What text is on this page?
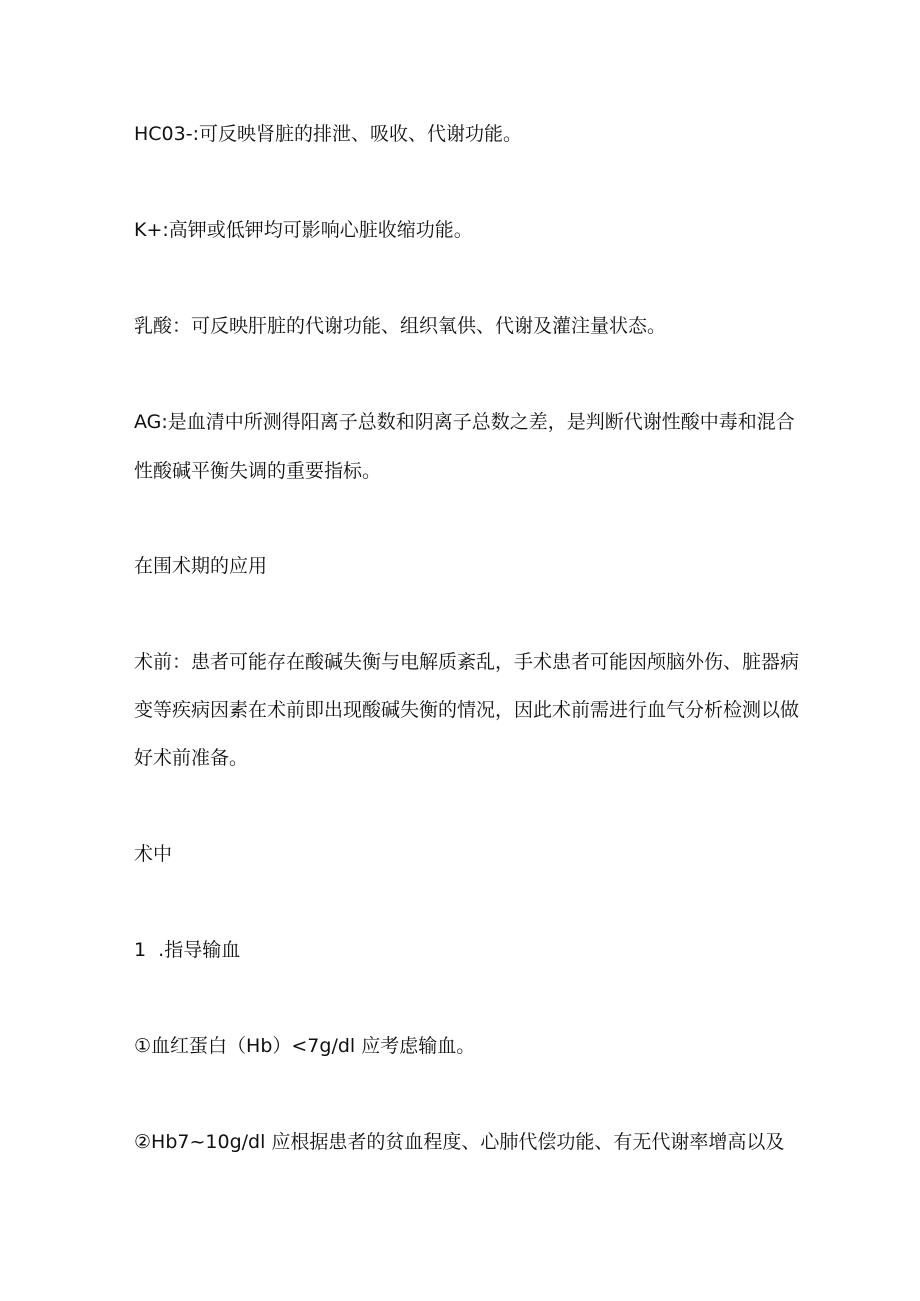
HC03-:可反映肾脏的排泄、吸收、代谢功能。
K+:高钾或低钾均可影响心脏收缩功能。
乳酸：可反映肝脏的代谢功能、组织氧供、代谢及灌注量状态。
AG:是血清中所测得阳离子总数和阴离子总数之差，是判断代谢性酸中毒和混合
性酸碱平衡失调的重要指标。
在围术期的应用
术前：患者可能存在酸碱失衡与电解质紊乱，手术患者可能因颅脑外伤、脏器病
变等疾病因素在术前即出现酸碱失衡的情况，因此术前需进行血气分析检测以做
好术前准备。
术中
1  .指导输血
①血红蛋白（Hb）<7g/dl 应考虑输血。
②Hb7~10g/dl 应根据患者的贫血程度、心肺代偿功能、有无代谢率增高以及
